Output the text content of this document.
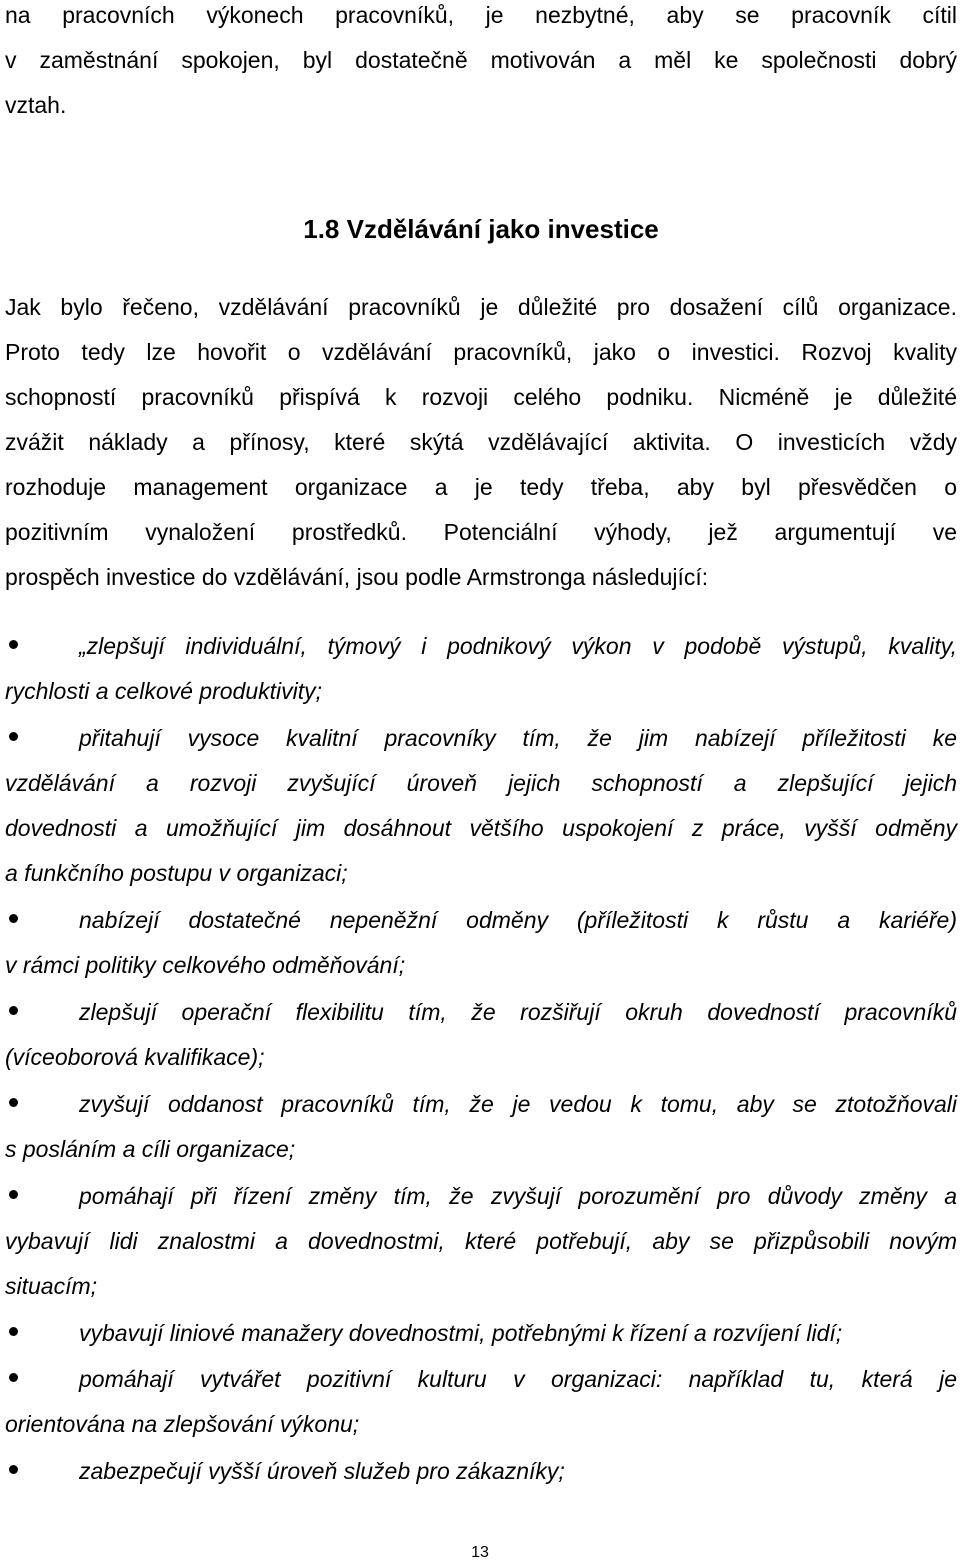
na pracovních výkonech pracovníků, je nezbytné, aby se pracovník cítil
v zaměstnání spokojen, byl dostatečně motivován a měl ke společnosti dobrý
vztah.
1.8 Vzdělávání jako investice
Jak bylo řečeno, vzdělávání pracovníků je důležité pro dosažení cílů organizace.
Proto tedy lze hovořit o vzdělávání pracovníků, jako o investici. Rozvoj kvality
schopností pracovníků přispívá k rozvoji celého podniku. Nicméně je důležité
zvážit náklady a přínosy, které skýtá vzdělávající aktivita. O investicích vždy
rozhoduje management organizace a je tedy třeba, aby byl přesvědčen o
pozitivním vynaložení prostředků. Potenciální výhody, jež argumentují ve
prospěch investice do vzdělávání, jsou podle Armstronga následující:
„zlepšují individuální, týmový i podnikový výkon v podobě výstupů, kvality,
rychlosti a celkové produktivity;
přitahují vysoce kvalitní pracovníky tím, že jim nabízejí příležitosti ke
vzdělávání a rozvoji zvyšující úroveň jejich schopností a zlepšující jejich
dovednosti a umožňující jim dosáhnout většího uspokojení z práce, vyšší odměny
a funkčního postupu v organizaci;
nabízejí dostatečné nepeněžní odměny (příležitosti k růstu a kariéře)
v rámci politiky celkového odměňování;
zlepšují operační flexibilitu tím, že rozšiřují okruh dovedností pracovníků
(víceoborová kvalifikace);
zvyšují oddanost pracovníků tím, že je vedou k tomu, aby se ztotožňovali
s posláním a cíli organizace;
pomáhají při řízení změny tím, že zvyšují porozumění pro důvody změny a
vybavují lidi znalostmi a dovednostmi, které potřebují, aby se přizpůsobili novým
situacím;
vybavují liniové manažery dovednostmi, potřebnými k řízení a rozvíjení lidí;
pomáhají vytvářet pozitivní kulturu v organizaci: například tu, která je
orientována na zlepšování výkonu;
zabezpečují vyšší úroveň služeb pro zákazníky;
13
